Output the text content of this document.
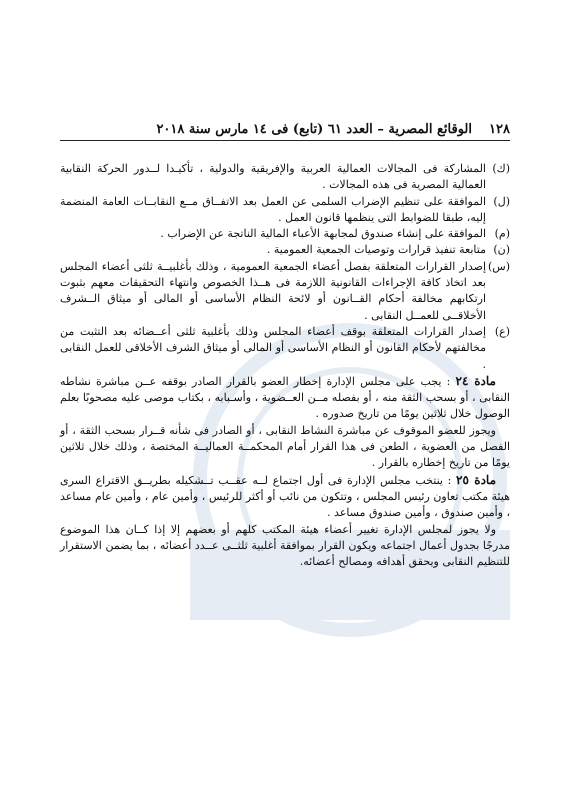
١٢٨
الوقائع المصرية – العدد ٦١ (تابع) فى ١٤ مارس سنة ٢٠١٨
(ك)
المشاركة فى المجالات العمالية العربية والإفريقية والدولية ، تأكيـدا لــدور الحركة النقابية العمالية المصرية فى هذه المجالات .
(ل)
الموافقة على تنظيم الإضراب السلمى عن العمل بعد الاتفــاق مــع النقابــات العامة المنضمة إليه، طبقا للضوابط التى ينظمها قانون العمل .
(م)
الموافقة على إنشاء صندوق لمجابهة الأعباء المالية الناتجة عن الإضراب .
(ن)
متابعة تنفيذ قرارات وتوصيات الجمعية العمومية .
(س)
إصدار القرارات المتعلقة بفصل أعضاء الجمعية العمومية ، وذلك بأغلبيــة ثلثى أعضاء المجلس بعد اتخاذ كافة الإجراءات القانونية اللازمة فى هــذا الخصوص وانتهاء التحقيقات معهم بثبوت ارتكابهم مخالفة أحكام القــانون أو لائحة النظام الأساسى أو المالى أو ميثاق الــشرف الأخلاقــى للعمــل النقابى .
(ع)
إصدار القرارات المتعلقة بوقف أعضاء المجلس وذلك بأغلبية ثلثى أعــضائه بعد التثبت من مخالفتهم لأحكام القانون أو النظام الأساسى أو المالى أو ميثاق الشرف الأخلاقى للعمل النقابى .

مادة ٢٤ : يجب على مجلس الإدارة إخطار العضو بالقرار الصادر بوقفه عــن مباشرة نشاطه النقابى ، أو بسحب الثقة منه ، أو بفصله مــن العــضوية ، وأسـبابه ، بكتاب موصى عليه مصحوبًا بعلم الوصول خلال ثلاثين يومًا من تاريخ صدوره .

ويجوز للعضو الموقوف عن مباشرة النشاط النقابى ، أو الصادر فى شأنه قــرار بسحب الثقة ، أو الفصل من العضوية ، الطعن فى هذا القرار أمام المحكمــة العماليــة المختصة ، وذلك خلال ثلاثين يومًا من تاريخ إخطاره بالقرار .

مادة ٢٥ : ينتخب مجلس الإدارة فى أول اجتماع لــه عقــب تــشكيله بطريــق الاقتراع السرى هيئة مكتب تعاون رئيس المجلس ، وتتكون من نائب أو أكثر للرئيس ، وأمين عام ، وأمين عام مساعد ، وأمين صندوق ، وأمين صندوق مساعد .

ولا يجوز لمجلس الإدارة تغيير أعضاء هيئة المكتب كلهم أو بعضهم إلا إذا كــان هذا الموضوع مدرجًا بجدول أعمال اجتماعه ويكون القرار بموافقة أغلبية ثلثــى عــدد أعضائه ، بما يضمن الاستقرار للتنظيم النقابى ويحقق أهدافه ومصالح أعضائه.
